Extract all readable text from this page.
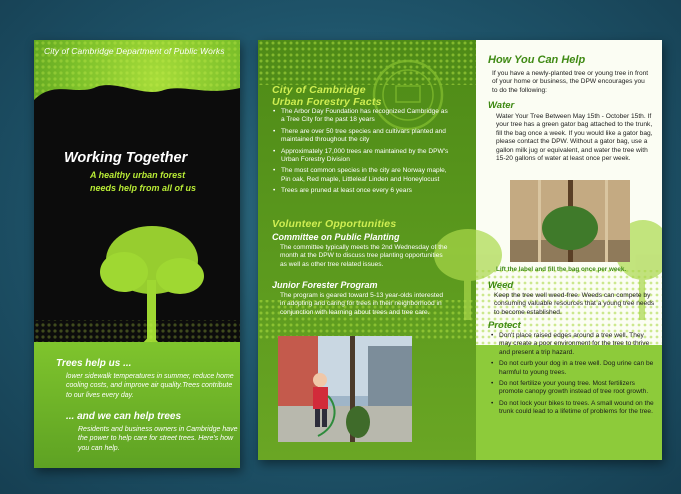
City of Cambridge Department of Public Works
Working Together
A healthy urban forest
needs help from all of us
Trees help us ...
lower sidewalk temperatures in summer, reduce home cooling costs, and improve air quality.Trees contribute to our lives every day.
... and we can help trees
Residents and business owners in Cambridge have the power to help care for street trees. Here's how you can help.
City of Cambridge
Urban Forestry Facts
• The Arbor Day Foundation has recognized Cambridge as a Tree City for the past 18 years
• There are over 50 tree species and cultivars planted and maintained throughout the city
• Approximately 17,000 trees are maintained by the DPW's Urban Forestry Division
• The most common species in the city are Norway maple, Pin oak, Red maple, Littleleaf Linden and Honeylocust
• Trees are pruned at least once every 6 years
Volunteer Opportunities
Committee on Public Planting
The committee typically meets the 2nd Wednesday of the month at the DPW to discuss tree planting opportunities as well as other tree related issues.
Junior Forester Program
The program is geared toward 5-13 year-olds interested in adopting and caring for trees in their neighborhood in conjunction with learning about trees and tree care.
How You Can Help
If you have a newly-planted tree or young tree in front of your home or business, the DPW encourages you to do the following:
Water
Water Your Tree Between May 15th - October 15th. If your tree has a green gator bag attached to the trunk, fill the bag once a week. If you would like a gator bag, please contact the DPW. Without a gator bag, use a gallon milk jug or equivalent, and water the tree with 15-20 gallons of water at least once per week.
Lift the label and fill the bag once per week.
Weed
Keep the tree well weed-free. Weeds can compete by consuming valuable resources that a young tree needs to become established.
Protect
• Don't place raised edges around a tree well. They may create a poor environment for the tree to thrive and present a trip hazard.
• Do not curb your dog in a tree well. Dog urine can be harmful to young trees.
• Do not fertilize your young tree. Most fertilizers promote canopy growth instead of tree root growth.
• Do not lock your bikes to trees. A small wound on the trunk could lead to a lifetime of problems for the tree.
